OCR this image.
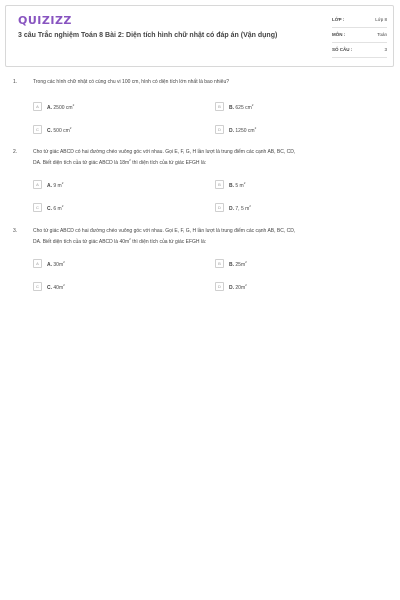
QUIZIZZ
3 câu Trắc nghiệm Toán 8 Bài 2: Diện tích hình chữ nhật có đáp án (Vận dụng)
LỚP :	Lớp 8
MÔN :	Toán
SỐ CÂU :	3
1.	Trong các hình chữ nhật có cùng chu vi 100 cm, hình có diện tích lớn nhất là bao nhiêu?
A	A. 2500 $cm^2$	B	B. 625 $cm^2$
C	C. 500 $cm^2$	D	D. 1250 $cm^2$
2.	Cho tứ giác ABCD có hai đường chéo vuông góc với nhau. Gọi E, F, G, H lần lượt là trung điểm các cạnh AB, BC, CD,
DA. Biết diện tích của tứ giác ABCD là $18m^2$ thì diện tích của tứ giác EFGH là:
A	A. 9 $m^2$	B	B. 5 $m^2$
C	C. 6 $m^2$	D	D. 7, 5 $m^2$
3.	Cho tứ giác ABCD có hai đường chéo vuông góc với nhau. Gọi E, F, G, H lần lượt là trung điểm các cạnh AB, BC, CD,
DA. Biết diện tích của tứ giác ABCD là $40m^2$ thì diện tích của tứ giác EFGH là:
A	A. $30m^2$	B	B. $25m^2$
C	C. $40m^2$	D	D. $20m^2$
